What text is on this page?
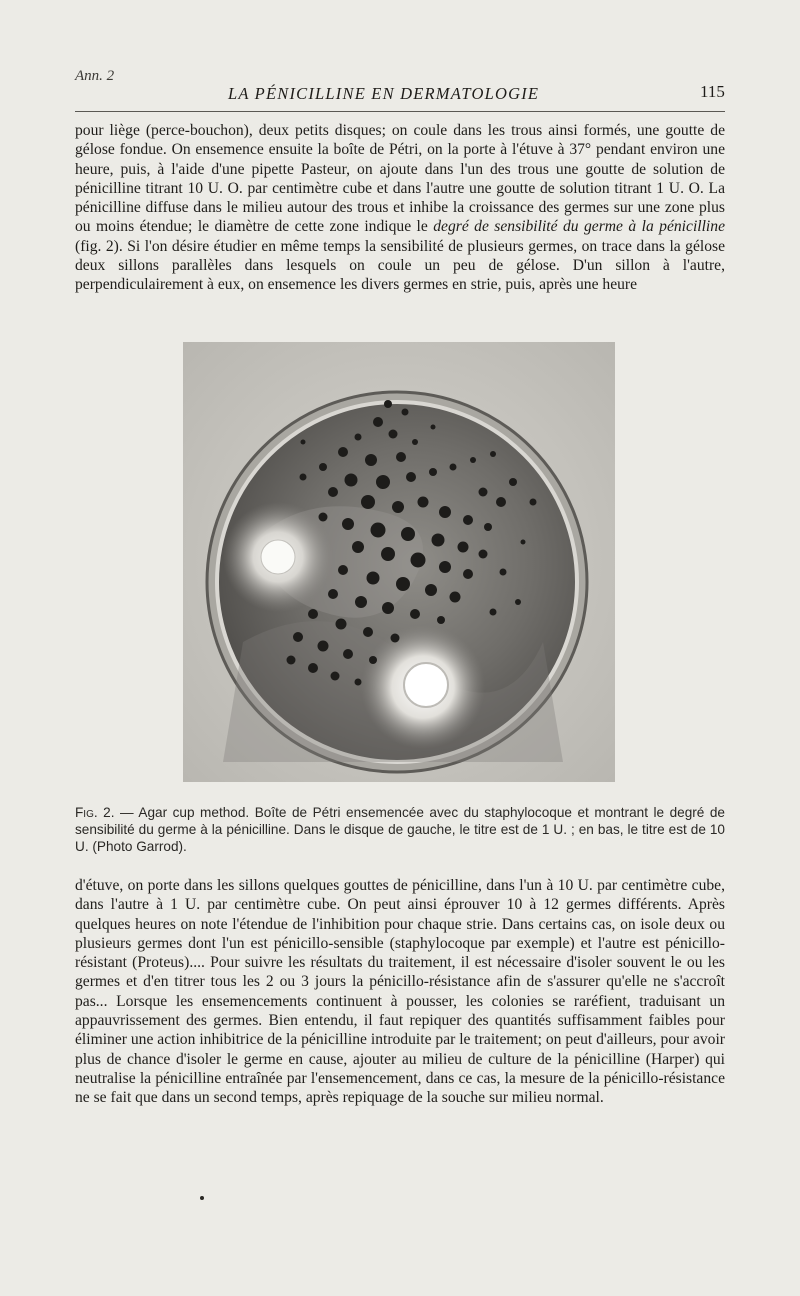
Ann. 2
LA PÉNICILLINE EN DERMATOLOGIE	115

pour liège (perce-bouchon), deux petits disques; on coule dans les trous ainsi formés, une goutte de gélose fondue. On ensemence ensuite la boîte de Pétri, on la porte à l'étuve à 37° pendant environ une heure, puis, à l'aide d'une pipette Pasteur, on ajoute dans l'un des trous une goutte de solution de pénicilline titrant 10 U. O. par centimètre cube et dans l'autre une goutte de solution titrant 1 U. O. La pénicilline diffuse dans le milieu autour des trous et inhibe la croissance des germes sur une zone plus ou moins étendue; le diamètre de cette zone indique le degré de sensibilité du germe à la pénicilline (fig. 2). Si l'on désire étudier en même temps la sensibilité de plusieurs germes, on trace dans la gélose deux sillons parallèles dans lesquels on coule un peu de gélose. D'un sillon à l'autre, perpendiculairement à eux, on ensemence les divers germes en strie, puis, après une heure

Fig. 2. — Agar cup method. Boîte de Pétri ensemencée avec du staphylocoque et montrant le degré de sensibilité du germe à la pénicilline. Dans le disque de gauche, le titre est de 1 U. ; en bas, le titre est de 10 U. (Photo Garrod).

d'étuve, on porte dans les sillons quelques gouttes de pénicilline, dans l'un à 10 U. par centimètre cube, dans l'autre à 1 U. par centimètre cube. On peut ainsi éprouver 10 à 12 germes différents. Après quelques heures on note l'étendue de l'inhibition pour chaque strie. Dans certains cas, on isole deux ou plusieurs germes dont l'un est pénicillo-sensible (staphylocoque par exemple) et l'autre est pénicillo-résistant (Proteus).... Pour suivre les résultats du traitement, il est nécessaire d'isoler souvent le ou les germes et d'en titrer tous les 2 ou 3 jours la pénicillo-résistance afin de s'assurer qu'elle ne s'accroît pas... Lorsque les ensemencements continuent à pousser, les colonies se raréfient, traduisant un appauvrissement des germes. Bien entendu, il faut repiquer des quantités suffisamment faibles pour éliminer une action inhibitrice de la pénicilline introduite par le traitement; on peut d'ailleurs, pour avoir plus de chance d'isoler le germe en cause, ajouter au milieu de culture de la pénicilline (Harper) qui neutralise la pénicilline entraînée par l'ensemencement, dans ce cas, la mesure de la pénicillo-résistance ne se fait que dans un second temps, après repiquage de la souche sur milieu normal.
